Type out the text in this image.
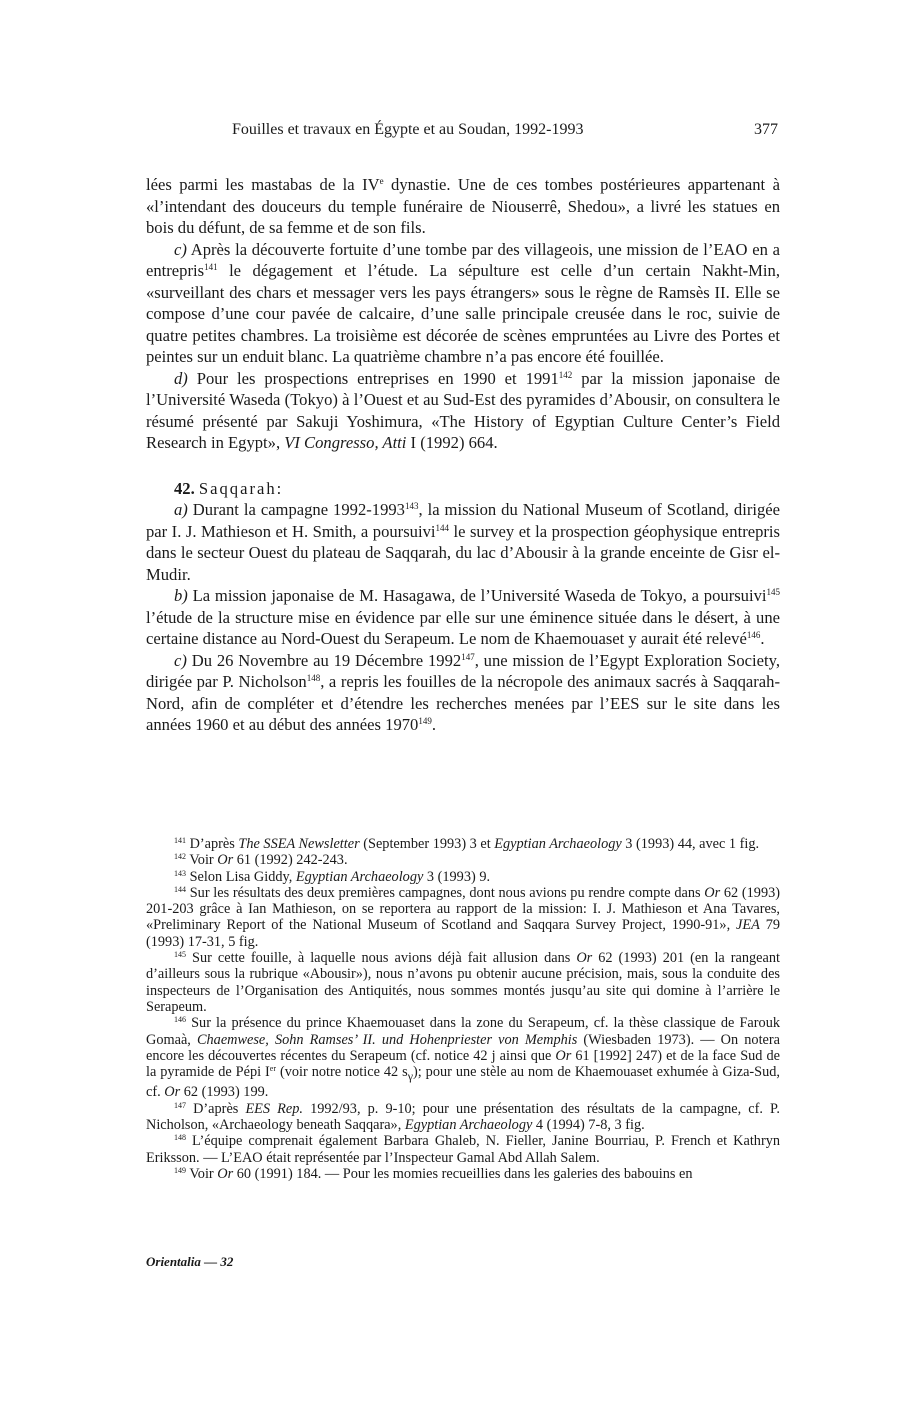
Fouilles et travaux en Égypte et au Soudan, 1992-1993	377

lées parmi les mastabas de la IVe dynastie. Une de ces tombes postérieures appartenant à «l’intendant des douceurs du temple funéraire de Niouserrê, Shedou», a livré les statues en bois du défunt, de sa femme et de son fils.

c) Après la découverte fortuite d’une tombe par des villageois, une mission de l’EAO en a entrepris$^{141}$ le dégagement et l’étude. La sépulture est celle d’un certain Nakht-Min, «surveillant des chars et messager vers les pays étrangers» sous le règne de Ramsès II. Elle se compose d’une cour pavée de calcaire, d’une salle principale creusée dans le roc, suivie de quatre petites chambres. La troisième est décorée de scènes empruntées au Livre des Portes et peintes sur un enduit blanc. La quatrième chambre n’a pas encore été fouillée.

d) Pour les prospections entreprises en 1990 et 1991$^{142}$ par la mission japonaise de l’Université Waseda (Tokyo) à l’Ouest et au Sud-Est des pyramides d’Abousir, on consultera le résumé présenté par Sakuji Yoshimura, «The History of Egyptian Culture Center’s Field Research in Egypt», VI Congresso, Atti I (1992) 664.

42. Saqqarah:

a) Durant la campagne 1992-1993$^{143}$, la mission du National Museum of Scotland, dirigée par I. J. Mathieson et H. Smith, a poursuivi$^{144}$ le survey et la prospection géophysique entrepris dans le secteur Ouest du plateau de Saqqarah, du lac d’Abousir à la grande enceinte de Gisr el-Mudir.

b) La mission japonaise de M. Hasagawa, de l’Université Waseda de Tokyo, a poursuivi$^{145}$ l’étude de la structure mise en évidence par elle sur une éminence située dans le désert, à une certaine distance au Nord-Ouest du Serapeum. Le nom de Khaemouaset y aurait été relevé$^{146}$.

c) Du 26 Novembre au 19 Décembre 1992$^{147}$, une mission de l’Egypt Exploration Society, dirigée par P. Nicholson$^{148}$, a repris les fouilles de la nécropole des animaux sacrés à Saqqarah-Nord, afin de compléter et d’étendre les recherches menées par l’EES sur le site dans les années 1960 et au début des années 1970$^{149}$.

$^{141}$ D’après The SSEA Newsletter (September 1993) 3 et Egyptian Archaeology 3 (1993) 44, avec 1 fig.

$^{142}$ Voir Or 61 (1992) 242-243.

$^{143}$ Selon Lisa Giddy, Egyptian Archaeology 3 (1993) 9.

$^{144}$ Sur les résultats des deux premières campagnes, dont nous avions pu rendre compte dans Or 62 (1993) 201-203 grâce à Ian Mathieson, on se reportera au rapport de la mission: I. J. Mathieson et Ana Tavares, «Preliminary Report of the National Museum of Scotland and Saqqara Survey Project, 1990-91», JEA 79 (1993) 17-31, 5 fig.

$^{145}$ Sur cette fouille, à laquelle nous avions déjà fait allusion dans Or 62 (1993) 201 (en la rangeant d’ailleurs sous la rubrique «Abousir»), nous n’avons pu obtenir aucune précision, mais, sous la conduite des inspecteurs de l’Organisation des Antiquités, nous sommes montés jusqu’au site qui domine à l’arrière le Serapeum.

$^{146}$ Sur la présence du prince Khaemouaset dans la zone du Serapeum, cf. la thèse classique de Farouk Gomaà, Chaemwese, Sohn Ramses’ II. und Hohenpriester von Memphis (Wiesbaden 1973). — On notera encore les découvertes récentes du Serapeum (cf. notice 42 j ainsi que Or 61 [1992] 247) et de la face Sud de la pyramide de Pépi Ier (voir notre notice 42 $s_\gamma$); pour une stèle au nom de Khaemouaset exhumée à Giza-Sud, cf. Or 62 (1993) 199.

$^{147}$ D’après EES Rep. 1992/93, p. 9-10; pour une présentation des résultats de la campagne, cf. P. Nicholson, «Archaeology beneath Saqqara», Egyptian Archaeology 4 (1994) 7-8, 3 fig.

$^{148}$ L’équipe comprenait également Barbara Ghaleb, N. Fieller, Janine Bourriau, P. French et Kathryn Eriksson. — L’EAO était représentée par l’Inspecteur Gamal Abd Allah Salem.

$^{149}$ Voir Or 60 (1991) 184. — Pour les momies recueillies dans les galeries des babouins en

Orientalia — 32
